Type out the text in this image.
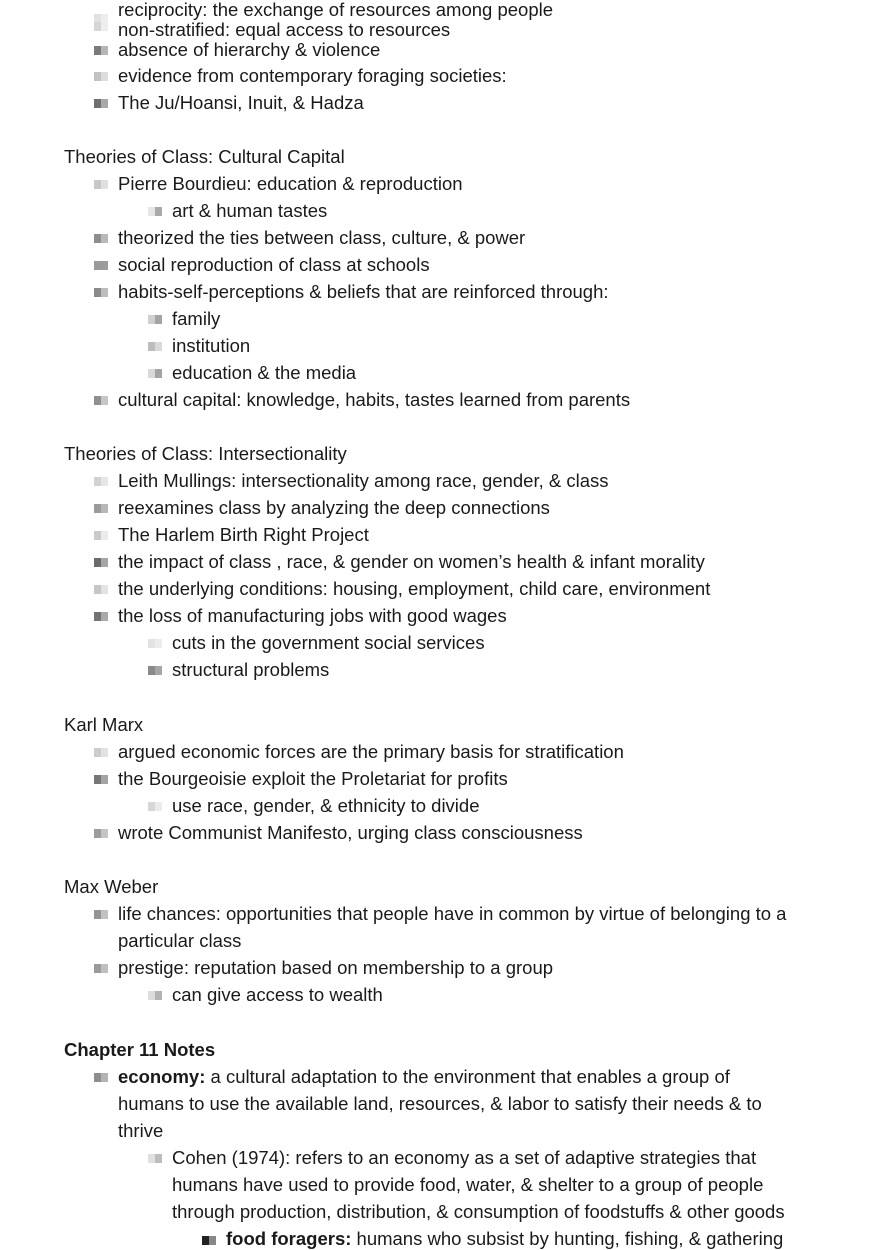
reciprocity: the exchange of resources among people
non-stratified: equal access to resources
absence of hierarchy & violence
evidence from contemporary foraging societies:
The Ju/Hoansi, Inuit, & Hadza
Theories of Class: Cultural Capital
Pierre Bourdieu: education & reproduction
art & human tastes
theorized the ties between class, culture, & power
social reproduction of class at schools
habits-self-perceptions & beliefs that are reinforced through:
family
institution
education & the media
cultural capital: knowledge, habits, tastes learned from parents
Theories of Class: Intersectionality
Leith Mullings: intersectionality among race, gender, & class
reexamines class by analyzing the deep connections
The Harlem Birth Right Project
the impact of class , race, & gender on women’s health & infant morality
the underlying conditions: housing, employment, child care, environment
the loss of manufacturing jobs with good wages
cuts in the government social services
structural problems
Karl Marx
argued economic forces are the primary basis for stratification
the Bourgeoisie exploit the Proletariat for profits
use race, gender, & ethnicity to divide
wrote Communist Manifesto, urging class consciousness
Max Weber
life chances: opportunities that people have in common by virtue of belonging to a
particular class
prestige: reputation based on membership to a group
can give access to wealth
Chapter 11 Notes
economy: a cultural adaptation to the environment that enables a group of
humans to use the available land, resources, & labor to satisfy their needs & to
thrive
Cohen (1974): refers to an economy as a set of adaptive strategies that
humans have used to provide food, water, & shelter to a group of people
through production, distribution, & consumption of foodstuffs & other goods
food foragers: humans who subsist by hunting, fishing, & gathering
